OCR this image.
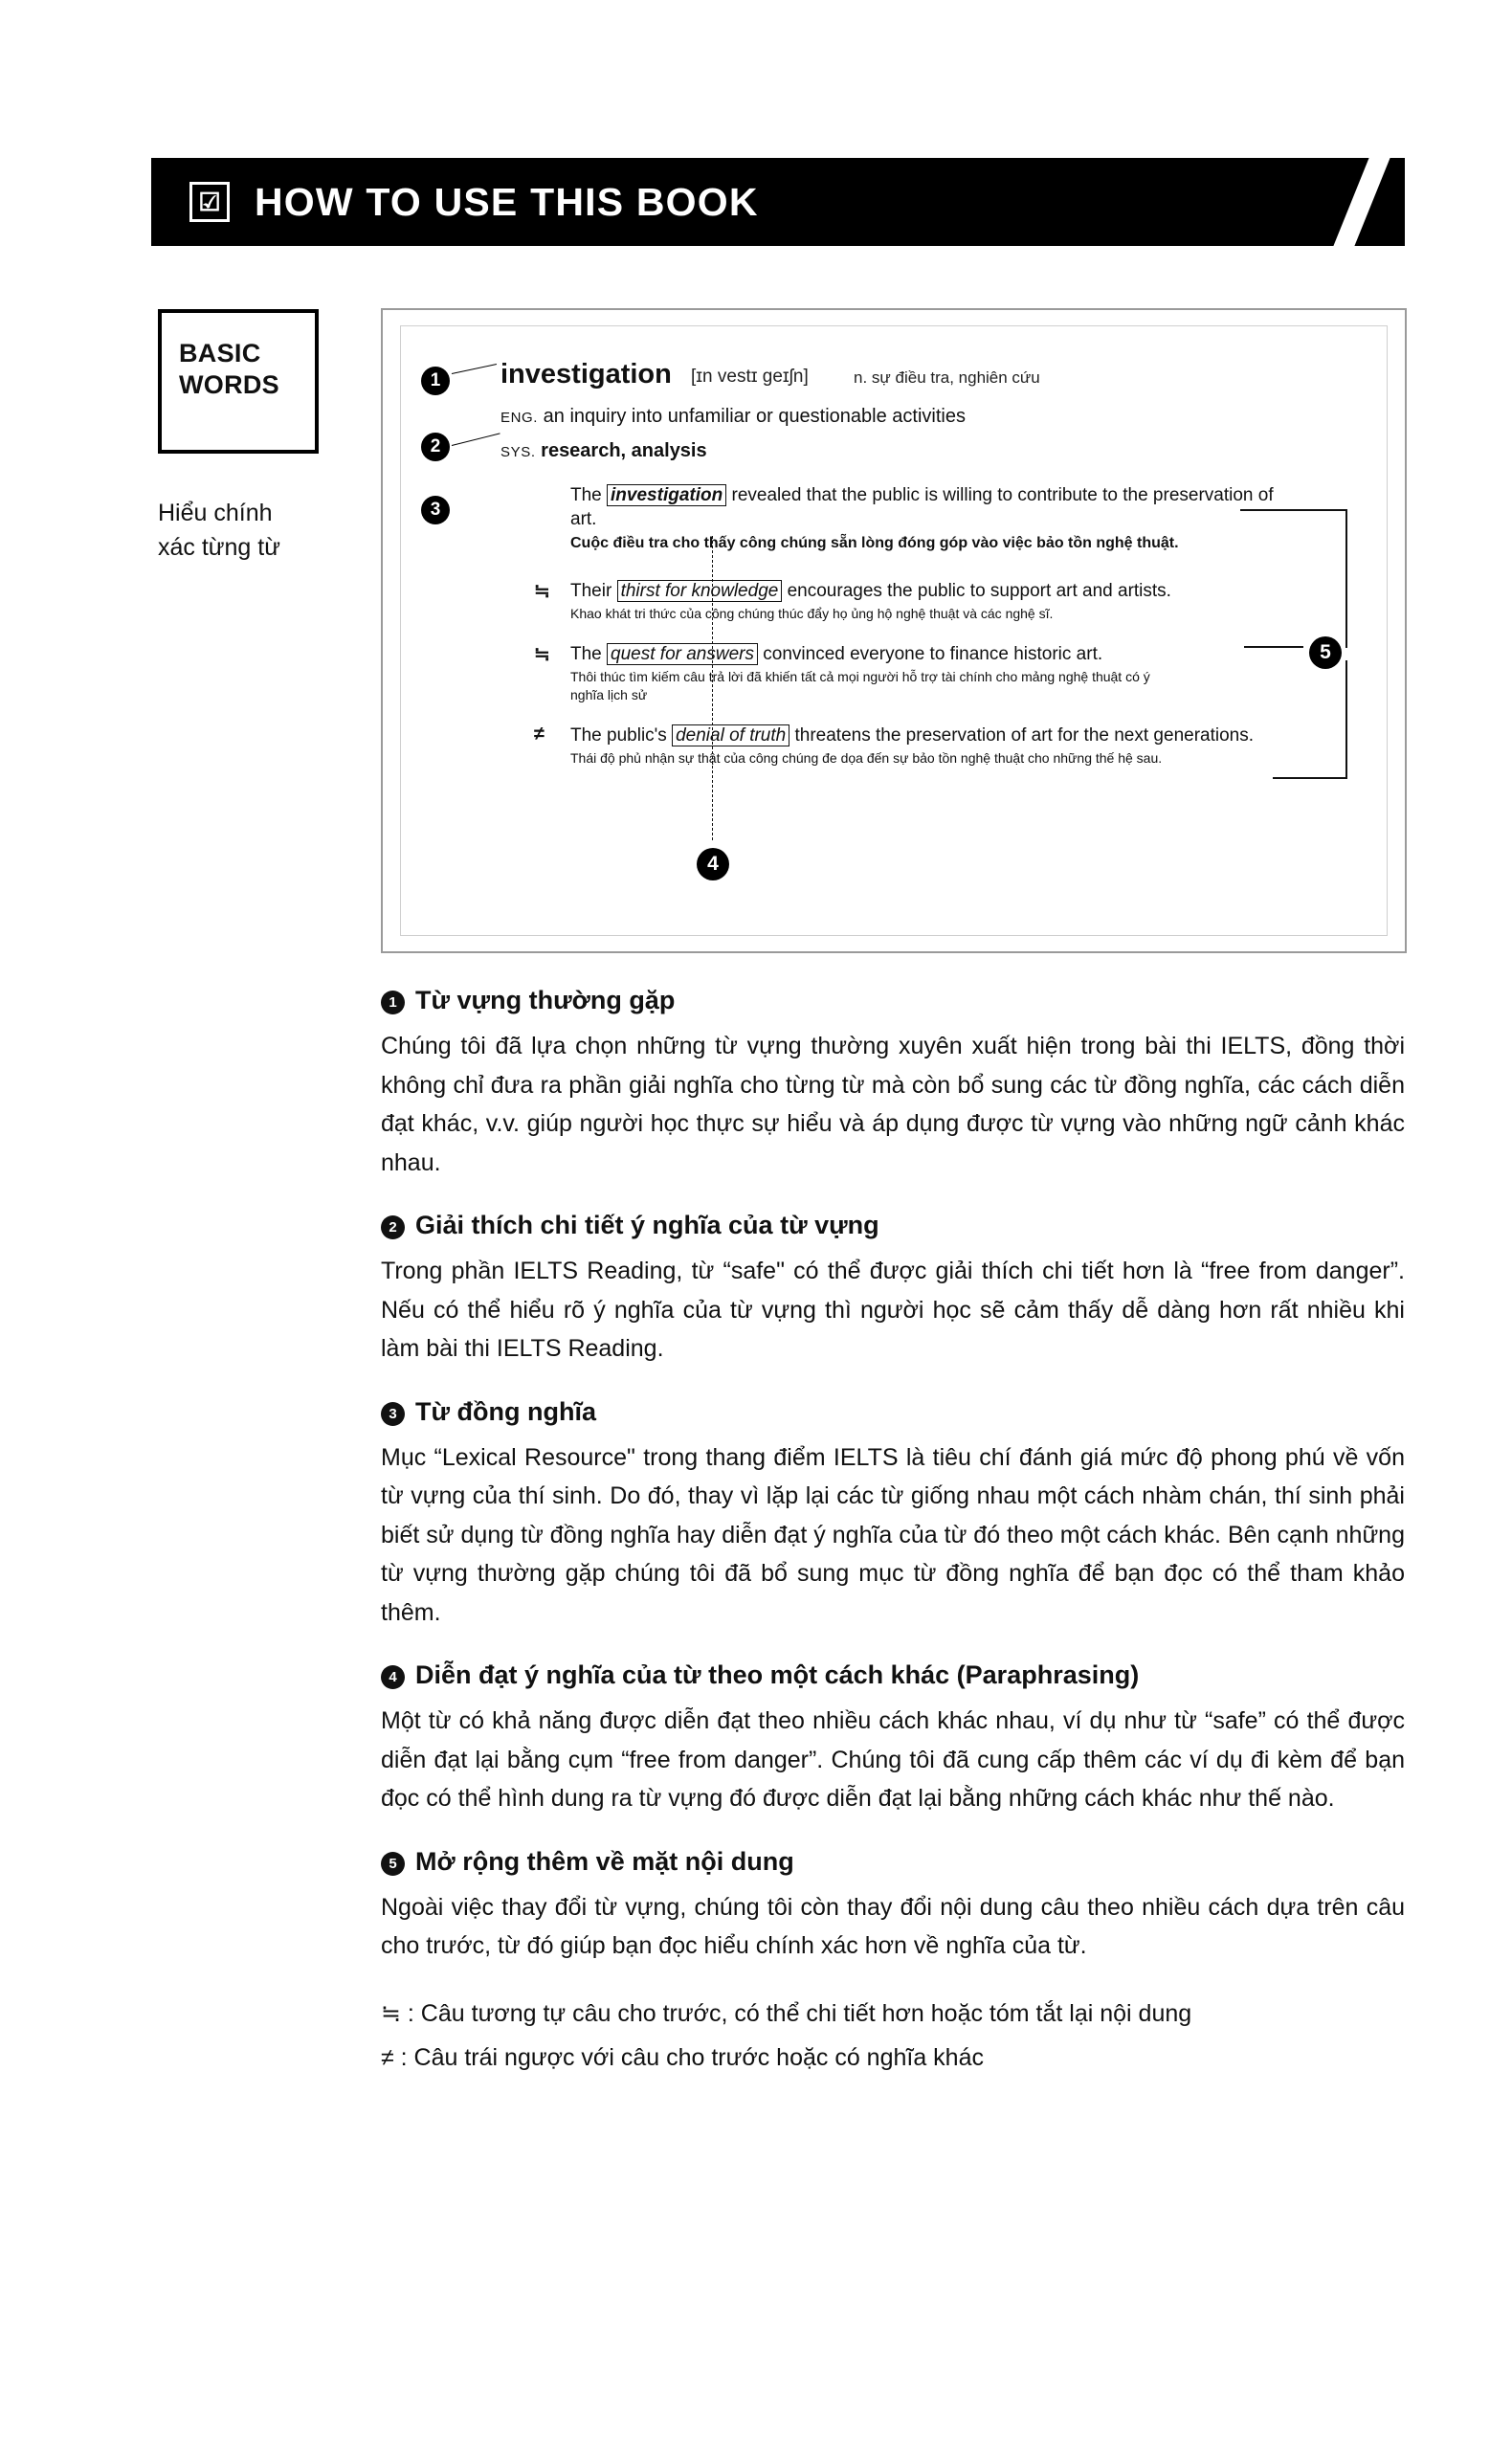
☑ HOW TO USE THIS BOOK
BASIC
WORDS
Hiểu chính
xác từng từ
1
2
3
4
5
investigation [ɪn vestɪ geɪʃn]	n. sự điều tra, nghiên cứu
ENG. an inquiry into unfamiliar or questionable activities
SYS. research, analysis
The investigation revealed that the public is willing to contribute to the preservation of art.
Cuộc điều tra cho thấy công chúng sẵn lòng đóng góp vào việc bảo tồn nghệ thuật.
≒ Their thirst for knowledge encourages the public to support art and artists.
Khao khát tri thức của công chúng thúc đẩy họ ủng hộ nghệ thuật và các nghệ sĩ.
≒ The quest for answers convinced everyone to finance historic art.
Thôi thúc tìm kiếm câu trả lời đã khiến tất cả mọi người hỗ trợ tài chính cho mảng nghệ thuật có ý nghĩa lịch sử
≠ The public's denial of truth threatens the preservation of art for the next generations.
Thái độ phủ nhận sự thật của công chúng đe dọa đến sự bảo tồn nghệ thuật cho những thế hệ sau.
1 Từ vựng thường gặp
Chúng tôi đã lựa chọn những từ vựng thường xuyên xuất hiện trong bài thi IELTS, đồng thời không chỉ đưa ra phần giải nghĩa cho từng từ mà còn bổ sung các từ đồng nghĩa, các cách diễn đạt khác, v.v. giúp người học thực sự hiểu và áp dụng được từ vựng vào những ngữ cảnh khác nhau.
2 Giải thích chi tiết ý nghĩa của từ vựng
Trong phần IELTS Reading, từ “safe" có thể được giải thích chi tiết hơn là “free from danger”. Nếu có thể hiểu rõ ý nghĩa của từ vựng thì người học sẽ cảm thấy dễ dàng hơn rất nhiều khi làm bài thi IELTS Reading.
3 Từ đồng nghĩa
Mục “Lexical Resource" trong thang điểm IELTS là tiêu chí đánh giá mức độ phong phú về vốn từ vựng của thí sinh. Do đó, thay vì lặp lại các từ giống nhau một cách nhàm chán, thí sinh phải biết sử dụng từ đồng nghĩa hay diễn đạt ý nghĩa của từ đó theo một cách khác. Bên cạnh những từ vựng thường gặp chúng tôi đã bổ sung mục từ đồng nghĩa để bạn đọc có thể tham khảo thêm.
4 Diễn đạt ý nghĩa của từ theo một cách khác (Paraphrasing)
Một từ có khả năng được diễn đạt theo nhiều cách khác nhau, ví dụ như từ “safe” có thể được diễn đạt lại bằng cụm “free from danger”. Chúng tôi đã cung cấp thêm các ví dụ đi kèm để bạn đọc có thể hình dung ra từ vựng đó được diễn đạt lại bằng những cách khác như thế nào.
5 Mở rộng thêm về mặt nội dung
Ngoài việc thay đổi từ vựng, chúng tôi còn thay đổi nội dung câu theo nhiều cách dựa trên câu cho trước, từ đó giúp bạn đọc hiểu chính xác hơn về nghĩa của từ.
≒ : Câu tương tự câu cho trước, có thể chi tiết hơn hoặc tóm tắt lại nội dung
≠ : Câu trái ngược với câu cho trước hoặc có nghĩa khác
